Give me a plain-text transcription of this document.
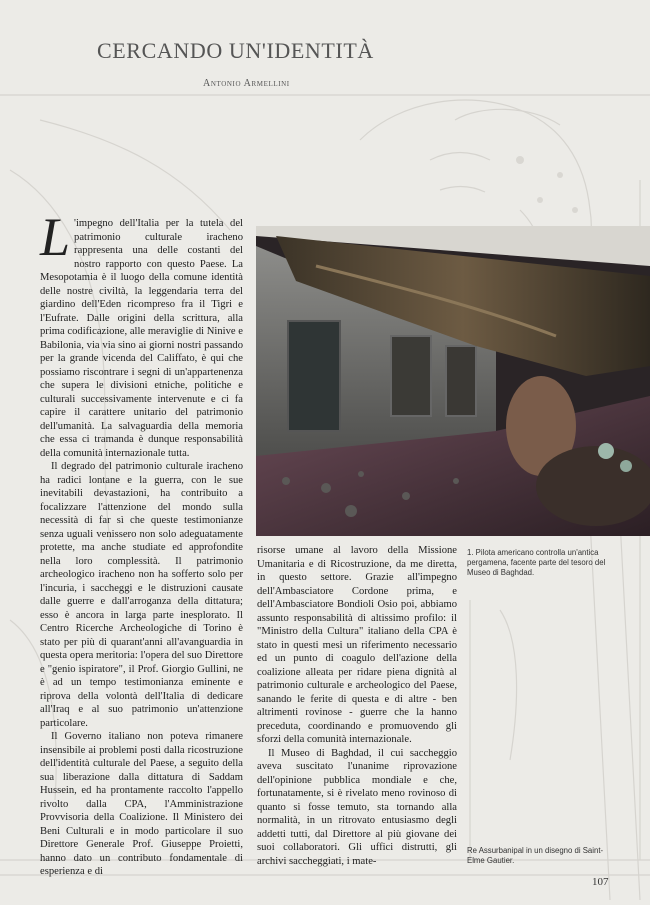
CERCANDO UN'IDENTITÀ
Antonio Armellini

L 'impegno dell'Italia per la tutela del patrimonio culturale iracheno rappresenta una delle costanti del nostro rapporto con questo Paese. La Mesopotamia è il luogo della comune identità delle nostre civiltà, la leggendaria terra del giardino dell'Eden ricompreso fra il Tigri e l'Eufrate. Dalle origini della scrittura, alla prima codificazione, alle meraviglie di Ninive e Babilonia, via via sino ai giorni nostri passando per la grande vicenda del Califfato, è qui che possiamo riscontrare i segni di un'appartenenza che supera le divisioni etniche, politiche e culturali successivamente intervenute e ci fa capire il carattere unitario del patrimonio dell'umanità. La salvaguardia della memoria che essa ci tramanda è dunque responsabilità della comunità internazionale tutta.

Il degrado del patrimonio culturale iracheno ha radici lontane e la guerra, con le sue inevitabili devastazioni, ha contribuito a focalizzare l'attenzione del mondo sulla necessità di far sì che queste testimonianze senza uguali venissero non solo adeguatamente protette, ma anche studiate ed approfondite nella loro complessità. Il patrimonio archeologico iracheno non ha sofferto solo per l'incuria, i saccheggi e le distruzioni causate dalle guerre e dall'arroganza della dittatura; esso è ancora in larga parte inesplorato. Il Centro Ricerche Archeologiche di Torino è stato per più di quarant'anni all'avanguardia in questa opera meritoria: l'opera del suo Direttore e "genio ispiratore", il Prof. Giorgio Gullini, ne è ad un tempo testimonianza eminente e riprova della volontà dell'Italia di dedicare all'Iraq e al suo patrimonio un'attenzione particolare.

Il Governo italiano non poteva rimanere insensibile ai problemi posti dalla ricostruzione dell'identità culturale del Paese, a seguito della sua liberazione dalla dittatura di Saddam Hussein, ed ha prontamente raccolto l'appello rivolto dalla CPA, l'Amministrazione Provvisoria della Coalizione. Il Ministero dei Beni Culturali e in modo particolare il suo Direttore Generale Prof. Giuseppe Proietti, hanno dato un contributo fondamentale di esperienza e di

risorse umane al lavoro della Missione Umanitaria e di Ricostruzione, da me diretta, in questo settore. Grazie all'impegno dell'Ambasciatore Cordone prima, e dell'Ambasciatore Bondioli Osio poi, abbiamo assunto responsabilità di altissimo profilo: il "Ministro della Cultura" italiano della CPA è stato in questi mesi un riferimento necessario ed un punto di coagulo dell'azione della coalizione alleata per ridare piena dignità al patrimonio culturale e archeologico del Paese, sanando le ferite di questa e di altre - ben altrimenti rovinose - guerre che la hanno preceduta, coordinando e promuovendo gli sforzi della comunità internazionale.

Il Museo di Baghdad, il cui saccheggio aveva suscitato l'unanime riprovazione dell'opinione pubblica mondiale e che, fortunatamente, si è rivelato meno rovinoso di quanto si fosse temuto, sta tornando alla normalità, in un ritrovato entusiasmo degli addetti tutti, dal Direttore al più giovane dei suoi collaboratori. Gli uffici distrutti, gli archivi saccheggiati, i mate-

1. Pilota americano controlla un'antica pergamena, facente parte del tesoro del Museo di Baghdad.
Re Assurbanipal in un disegno di Saint-Elme Gautier.
107
